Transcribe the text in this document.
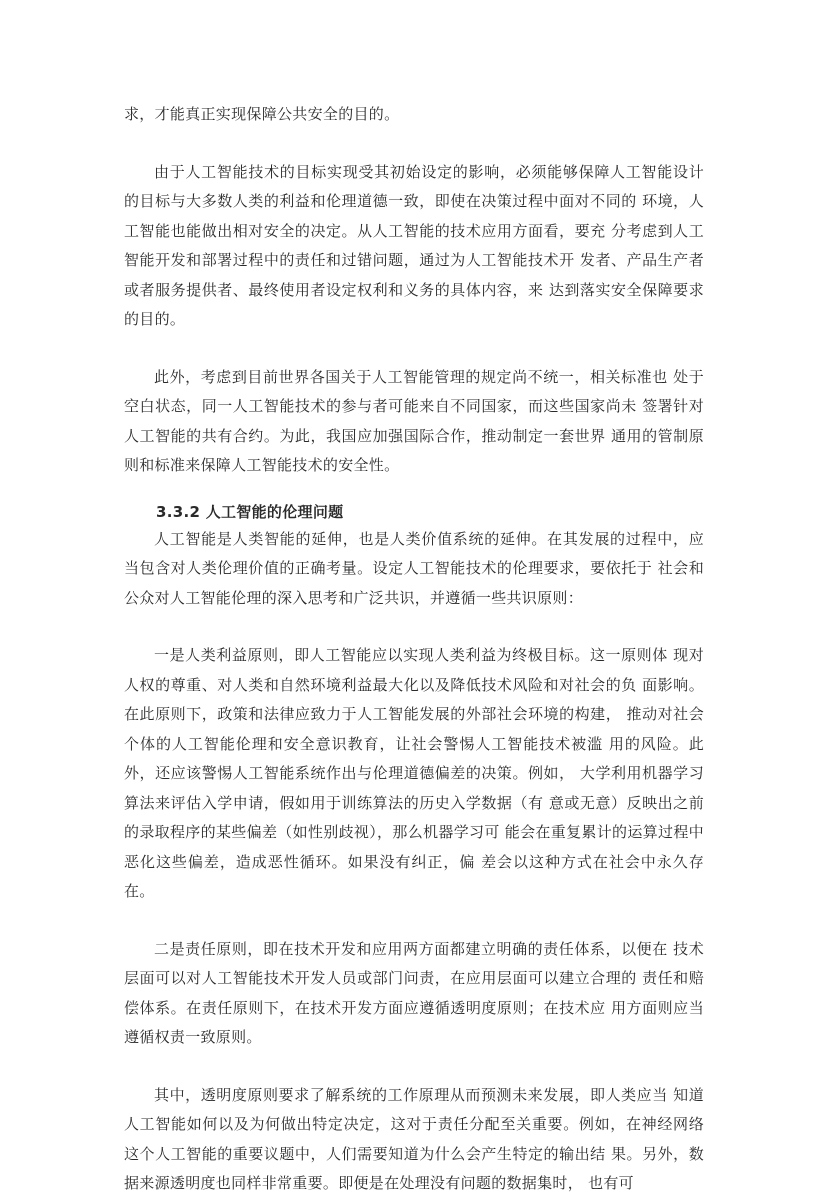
求，才能真正实现保障公共安全的目的。

由于人工智能技术的目标实现受其初始设定的影响，必须能够保障人工智能设计的目标与大多数人类的利益和伦理道德一致，即使在决策过程中面对不同的 环境，人工智能也能做出相对安全的决定。从人工智能的技术应用方面看，要充 分考虑到人工智能开发和部署过程中的责任和过错问题，通过为人工智能技术开 发者、产品生产者或者服务提供者、最终使用者设定权利和义务的具体内容，来 达到落实安全保障要求的目的。

此外，考虑到目前世界各国关于人工智能管理的规定尚不统一，相关标准也 处于空白状态，同一人工智能技术的参与者可能来自不同国家，而这些国家尚未 签署针对人工智能的共有合约。为此，我国应加强国际合作，推动制定一套世界 通用的管制原则和标准来保障人工智能技术的安全性。

3.3.2 人工智能的伦理问题

人工智能是人类智能的延伸，也是人类价值系统的延伸。在其发展的过程中，应当包含对人类伦理价值的正确考量。设定人工智能技术的伦理要求，要依托于 社会和公众对人工智能伦理的深入思考和广泛共识，并遵循一些共识原则：

一是人类利益原则，即人工智能应以实现人类利益为终极目标。这一原则体 现对人权的尊重、对人类和自然环境利益最大化以及降低技术风险和对社会的负 面影响。在此原则下，政策和法律应致力于人工智能发展的外部社会环境的构建， 推动对社会个体的人工智能伦理和安全意识教育，让社会警惕人工智能技术被滥 用的风险。此外，还应该警惕人工智能系统作出与伦理道德偏差的决策。例如， 大学利用机器学习算法来评估入学申请，假如用于训练算法的历史入学数据（有 意或无意）反映出之前的录取程序的某些偏差（如性别歧视），那么机器学习可 能会在重复累计的运算过程中恶化这些偏差，造成恶性循环。如果没有纠正，偏 差会以这种方式在社会中永久存在。

二是责任原则，即在技术开发和应用两方面都建立明确的责任体系，以便在 技术层面可以对人工智能技术开发人员或部门问责，在应用层面可以建立合理的 责任和赔偿体系。在责任原则下，在技术开发方面应遵循透明度原则；在技术应 用方面则应当遵循权责一致原则。

其中，透明度原则要求了解系统的工作原理从而预测未来发展，即人类应当 知道人工智能如何以及为何做出特定决定，这对于责任分配至关重要。例如，在神经网络这个人工智能的重要议题中，人们需要知道为什么会产生特定的输出结 果。另外，数据来源透明度也同样非常重要。即便是在处理没有问题的数据集时， 也有可
